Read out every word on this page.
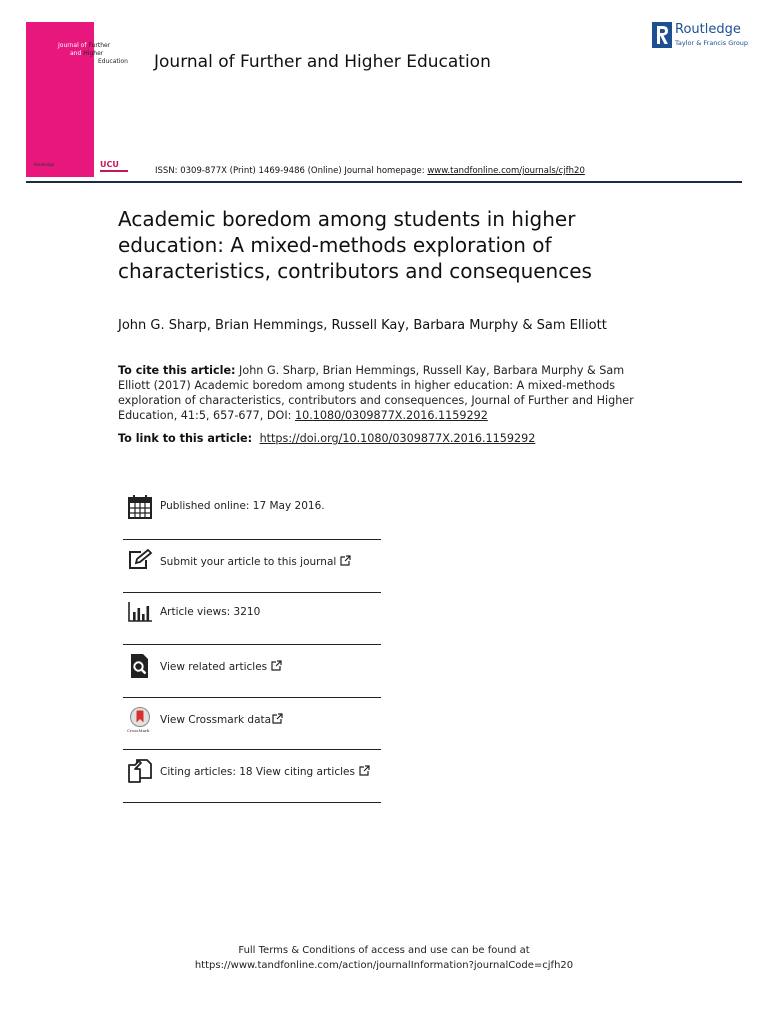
Journal of Further
and Higher
Education
Routledge	UCU
Journal of Further and Higher Education
Routledge
Taylor & Francis Group
ISSN: 0309-877X (Print) 1469-9486 (Online) Journal homepage: www.tandfonline.com/journals/cjfh20
Academic boredom among students in higher education: A mixed-methods exploration of characteristics, contributors and consequences
John G. Sharp, Brian Hemmings, Russell Kay, Barbara Murphy & Sam Elliott
To cite this article: John G. Sharp, Brian Hemmings, Russell Kay, Barbara Murphy & Sam Elliott (2017) Academic boredom among students in higher education: A mixed-methods exploration of characteristics, contributors and consequences, Journal of Further and Higher Education, 41:5, 657-677, DOI: 10.1080/0309877X.2016.1159292
To link to this article:  https://doi.org/10.1080/0309877X.2016.1159292
Published online: 17 May 2016.
Submit your article to this journal
Article views: 3210
View related articles
CrossMark
View Crossmark data
Citing articles: 18 View citing articles
Full Terms & Conditions of access and use can be found at
https://www.tandfonline.com/action/journalInformation?journalCode=cjfh20
